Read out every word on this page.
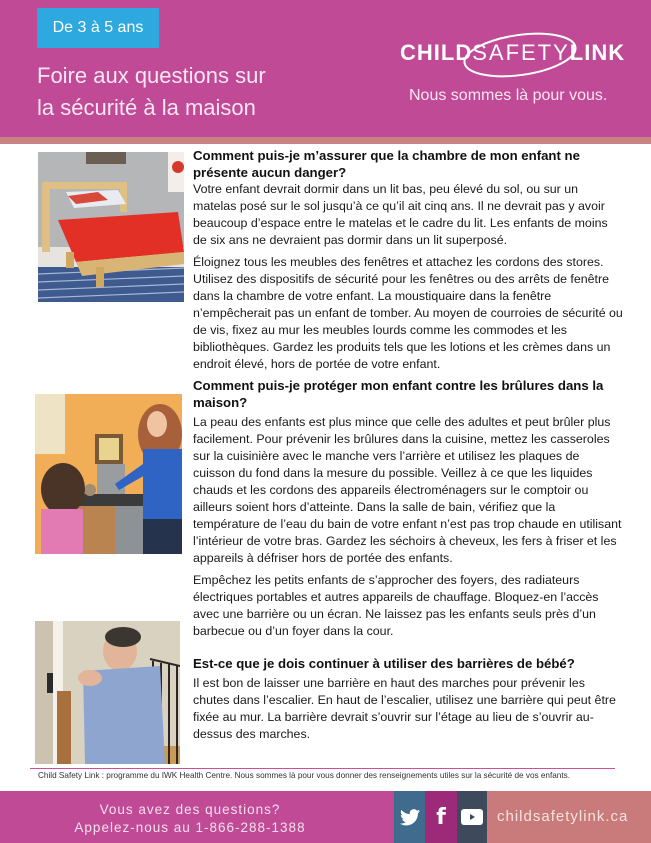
De 3 à 5 ans
Foire aux questions sur
la sécurité à la maison
CHILDSAFETYLINK
Nous sommes là pour vous.
Comment puis-je m’assurer que la chambre de mon enfant ne présente aucun danger?

Votre enfant devrait dormir dans un lit bas, peu élevé du sol, ou sur un matelas posé sur le sol jusqu’à ce qu’il ait cinq ans. Il ne devrait pas y avoir beaucoup d’espace entre le matelas et le cadre du lit. Les enfants de moins de six ans ne devraient pas dormir dans un lit superposé.

Éloignez tous les meubles des fenêtres et attachez les cordons des stores. Utilisez des dispositifs de sécurité pour les fenêtres ou des arrêts de fenêtre dans la chambre de votre enfant. La moustiquaire dans la fenêtre n’empêcherait pas un enfant de tomber. Au moyen de courroies de sécurité ou de vis, fixez au mur les meubles lourds comme les commodes et les bibliothèques. Gardez les produits tels que les lotions et les crèmes dans un endroit élevé, hors de portée de votre enfant.

Comment puis-je protéger mon enfant contre les brûlures dans la maison?

La peau des enfants est plus mince que celle des adultes et peut brûler plus facilement. Pour prévenir les brûlures dans la cuisine, mettez les casseroles sur la cuisinière avec le manche vers l’arrière et utilisez les plaques de cuisson du fond dans la mesure du possible. Veillez à ce que les liquides chauds et les cordons des appareils électroménagers sur le comptoir ou ailleurs soient hors d’atteinte. Dans la salle de bain, vérifiez que la température de l’eau du bain de votre enfant n’est pas trop chaude en utilisant l’intérieur de votre bras. Gardez les séchoirs à cheveux, les fers à friser et les appareils à défriser hors de portée des enfants.

Empêchez les petits enfants de s’approcher des foyers, des radiateurs électriques portables et autres appareils de chauffage. Bloquez-en l’accès avec une barrière ou un écran. Ne laissez pas les enfants seuls près d’un barbecue ou d’un foyer dans la cour.

Est-ce que je dois continuer à utiliser des barrières de bébé?

Il est bon de laisser une barrière en haut des marches pour prévenir les chutes dans l’escalier. En haut de l’escalier, utilisez une barrière qui peut être fixée au mur. La barrière devrait s’ouvrir sur l’étage au lieu de s’ouvrir au-dessus des marches.

Child Safety Link : programme du IWK Health Centre. Nous sommes là pour vous donner des renseignements utiles sur la sécurité de vos enfants.
Vous avez des questions?
Appelez-nous au 1-866-288-1388	f	childsafetylink.ca
